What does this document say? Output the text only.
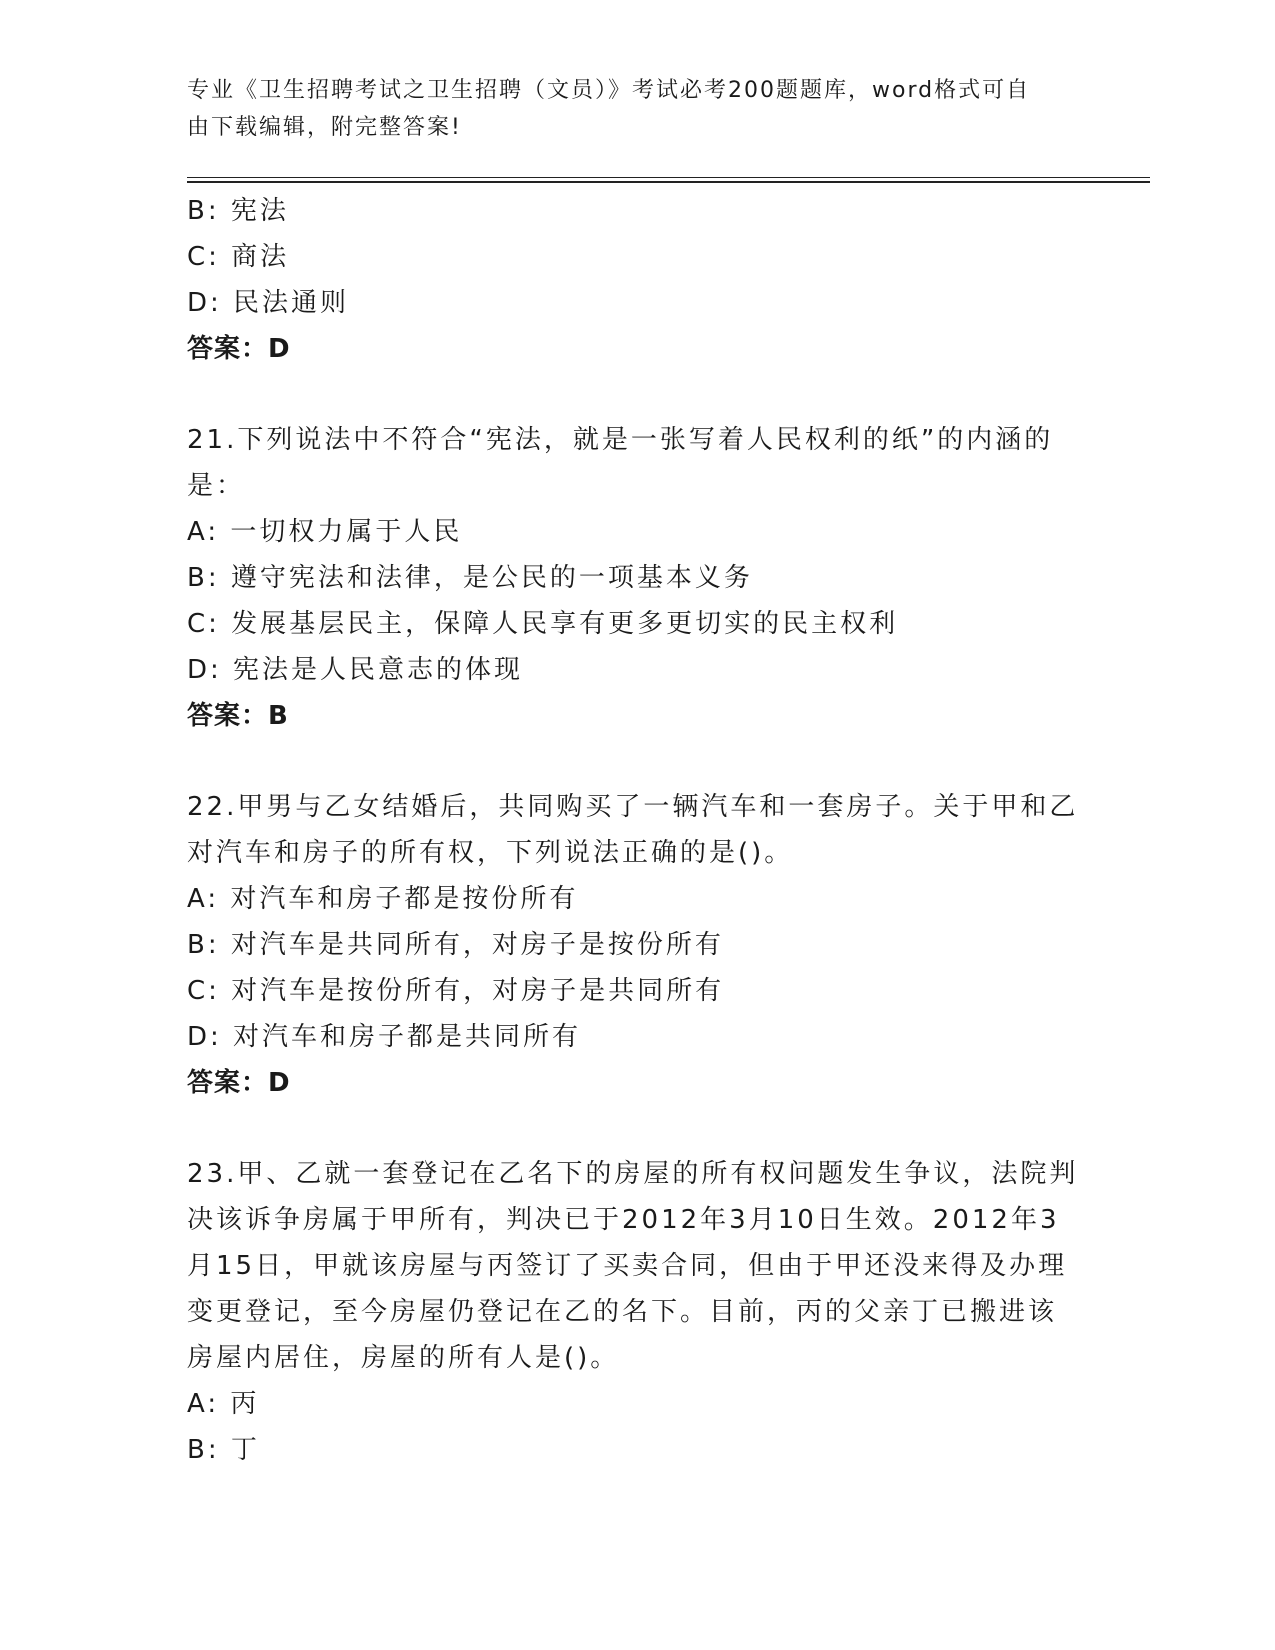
专业《卫生招聘考试之卫生招聘（文员）》考试必考200题题库，word格式可自
由下载编辑，附完整答案!
B: 宪法
C: 商法
D: 民法通则
答案：D
21.下列说法中不符合“宪法，就是一张写着人民权利的纸”的内涵的
是：
A: 一切权力属于人民
B: 遵守宪法和法律，是公民的一项基本义务
C: 发展基层民主，保障人民享有更多更切实的民主权利
D: 宪法是人民意志的体现
答案：B
22.甲男与乙女结婚后，共同购买了一辆汽车和一套房子。关于甲和乙
对汽车和房子的所有权，下列说法正确的是()。
A: 对汽车和房子都是按份所有
B: 对汽车是共同所有，对房子是按份所有
C: 对汽车是按份所有，对房子是共同所有
D: 对汽车和房子都是共同所有
答案：D
23.甲、乙就一套登记在乙名下的房屋的所有权问题发生争议，法院判
决该诉争房属于甲所有，判决已于2012年3月10日生效。2012年3
月15日，甲就该房屋与丙签订了买卖合同，但由于甲还没来得及办理
变更登记，至今房屋仍登记在乙的名下。目前，丙的父亲丁已搬进该
房屋内居住，房屋的所有人是()。
A: 丙
B: 丁
